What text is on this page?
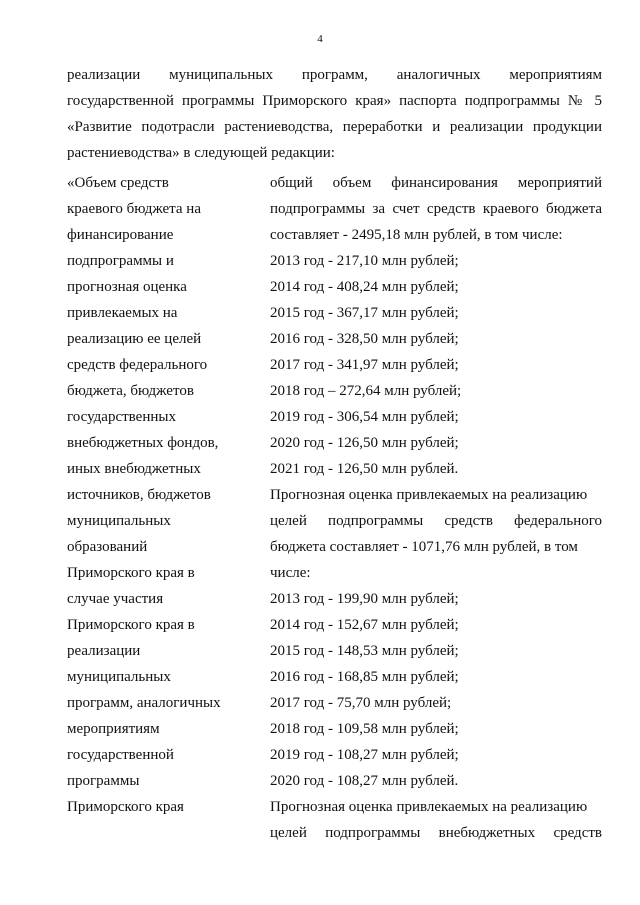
4
реализации муниципальных программ, аналогичных мероприятиям
государственной программы Приморского края» паспорта подпрограммы № 5
«Развитие подотрасли растениеводства, переработки и реализации продукции
растениеводства» в следующей редакции:
«Объем средств
краевого бюджета на
финансирование
подпрограммы и
прогнозная оценка
привлекаемых на
реализацию ее целей
средств федерального
бюджета, бюджетов
государственных
внебюджетных фондов,
иных внебюджетных
источников, бюджетов
муниципальных
образований
Приморского края в
случае участия
Приморского края в
реализации
муниципальных
программ, аналогичных
мероприятиям
государственной
программы
Приморского края
общий объем финансирования мероприятий
подпрограммы за счет средств краевого бюджета
составляет - 2495,18 млн рублей, в том числе:
2013 год - 217,10 млн рублей;
2014 год - 408,24 млн рублей;
2015 год - 367,17 млн рублей;
2016 год - 328,50 млн рублей;
2017 год - 341,97 млн рублей;
2018 год – 272,64 млн рублей;
2019 год - 306,54 млн рублей;
2020 год - 126,50 млн рублей;
2021 год - 126,50 млн рублей.
Прогнозная оценка привлекаемых на реализацию
целей подпрограммы средств федерального
бюджета составляет - 1071,76 млн рублей, в том
числе:
2013 год - 199,90 млн рублей;
2014 год - 152,67 млн рублей;
2015 год - 148,53 млн рублей;
2016 год - 168,85 млн рублей;
2017 год - 75,70 млн рублей;
2018 год - 109,58 млн рублей;
2019 год - 108,27 млн рублей;
2020 год - 108,27 млн рублей.
Прогнозная оценка привлекаемых на реализацию
целей подпрограммы внебюджетных средств
